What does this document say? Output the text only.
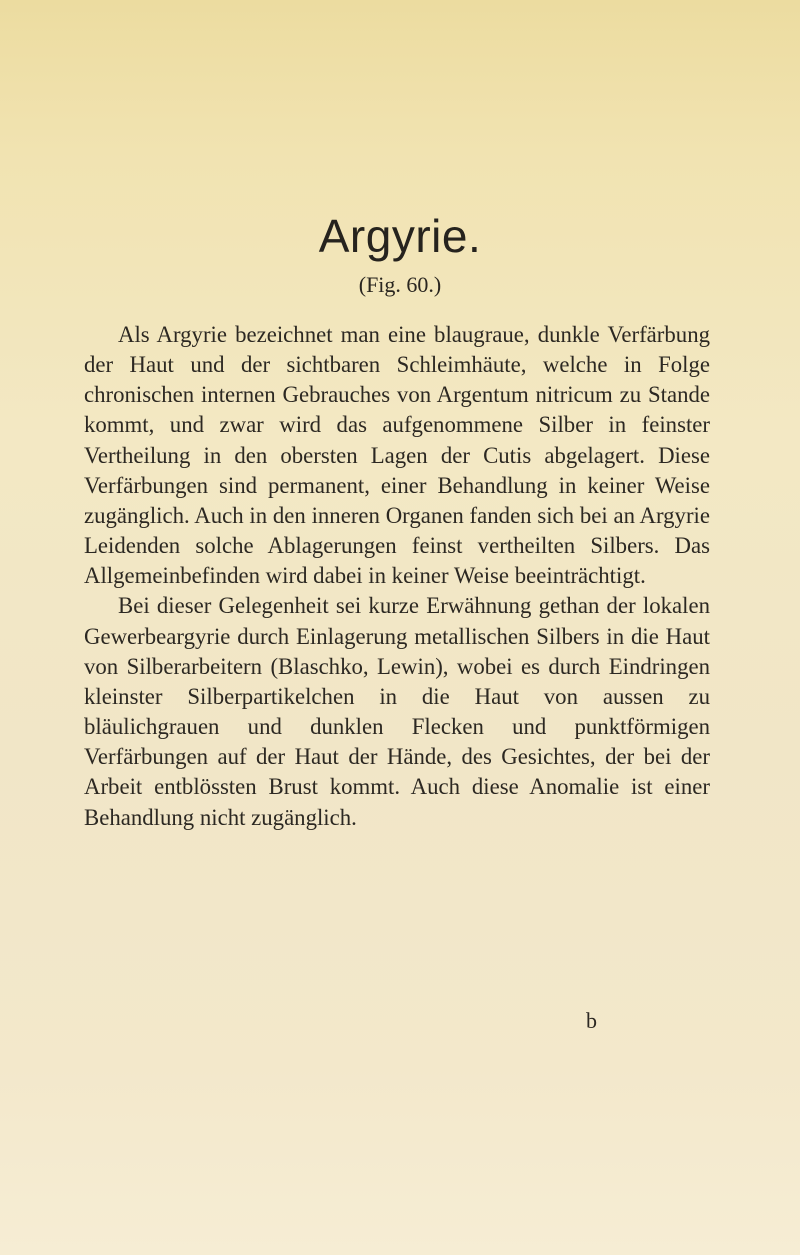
Argyrie.
(Fig. 60.)

Als Argyrie bezeichnet man eine blaugraue, dunkle Verfärbung der Haut und der sichtbaren Schleimhäute, welche in Folge chronischen internen Gebrauches von Argentum nitricum zu Stande kommt, und zwar wird das aufgenommene Silber in feinster Vertheilung in den obersten Lagen der Cutis abgelagert. Diese Verfärbungen sind permanent, einer Behandlung in keiner Weise zugänglich. Auch in den inneren Organen fanden sich bei an Argyrie Leidenden solche Ablagerungen feinst vertheilten Silbers. Das Allgemeinbefinden wird dabei in keiner Weise beeinträchtigt.

Bei dieser Gelegenheit sei kurze Erwähnung gethan der lokalen Gewerbeargyrie durch Einlagerung metallischen Silbers in die Haut von Silberarbeitern (Blaschko, Lewin), wobei es durch Eindringen kleinster Silberpartikelchen in die Haut von aussen zu bläulichgrauen und dunklen Flecken und punktförmigen Verfärbungen auf der Haut der Hände, des Gesichtes, der bei der Arbeit entblössten Brust kommt. Auch diese Anomalie ist einer Behandlung nicht zugänglich.

b
